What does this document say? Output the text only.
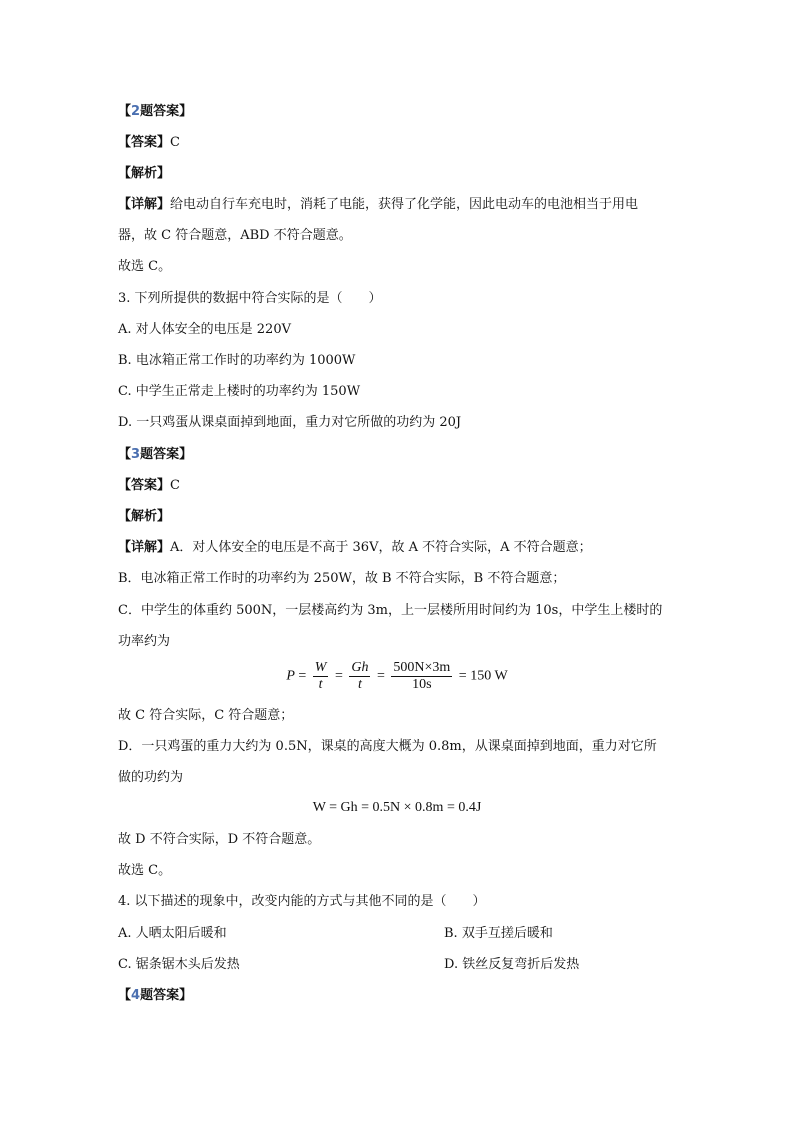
【2题答案】
【答案】C
【解析】
【详解】给电动自行车充电时，消耗了电能，获得了化学能，因此电动车的电池相当于用电
器，故 C 符合题意，ABD 不符合题意。
故选 C。
3. 下列所提供的数据中符合实际的是（　　）
A. 对人体安全的电压是 220V
B. 电冰箱正常工作时的功率约为 1000W
C. 中学生正常走上楼时的功率约为 150W
D. 一只鸡蛋从课桌面掉到地面，重力对它所做的功约为 20J
【3题答案】
【答案】C
【解析】
【详解】A．对人体安全的电压是不高于 36V，故 A 不符合实际，A 不符合题意；
B．电冰箱正常工作时的功率约为 250W，故 B 不符合实际，B 不符合题意；
C．中学生的体重约 500N，一层楼高约为 3m，上一层楼所用时间约为 10s，中学生上楼时的
功率约为
$P = \frac{W}{t} = \frac{Gh}{t} = \frac{500N\times 3m}{10s} = 150$ W
故 C 符合实际，C 符合题意；
D．一只鸡蛋的重力大约为 0.5N，课桌的高度大概为 0.8m，从课桌面掉到地面，重力对它所
做的功约为
W = Gh = 0.5N × 0.8m = 0.4J
故 D 不符合实际，D 不符合题意。
故选 C。
4. 以下描述的现象中，改变内能的方式与其他不同的是（　　）
A. 人晒太阳后暖和	B. 双手互搓后暖和
C. 锯条锯木头后发热	D. 铁丝反复弯折后发热
【4题答案】
